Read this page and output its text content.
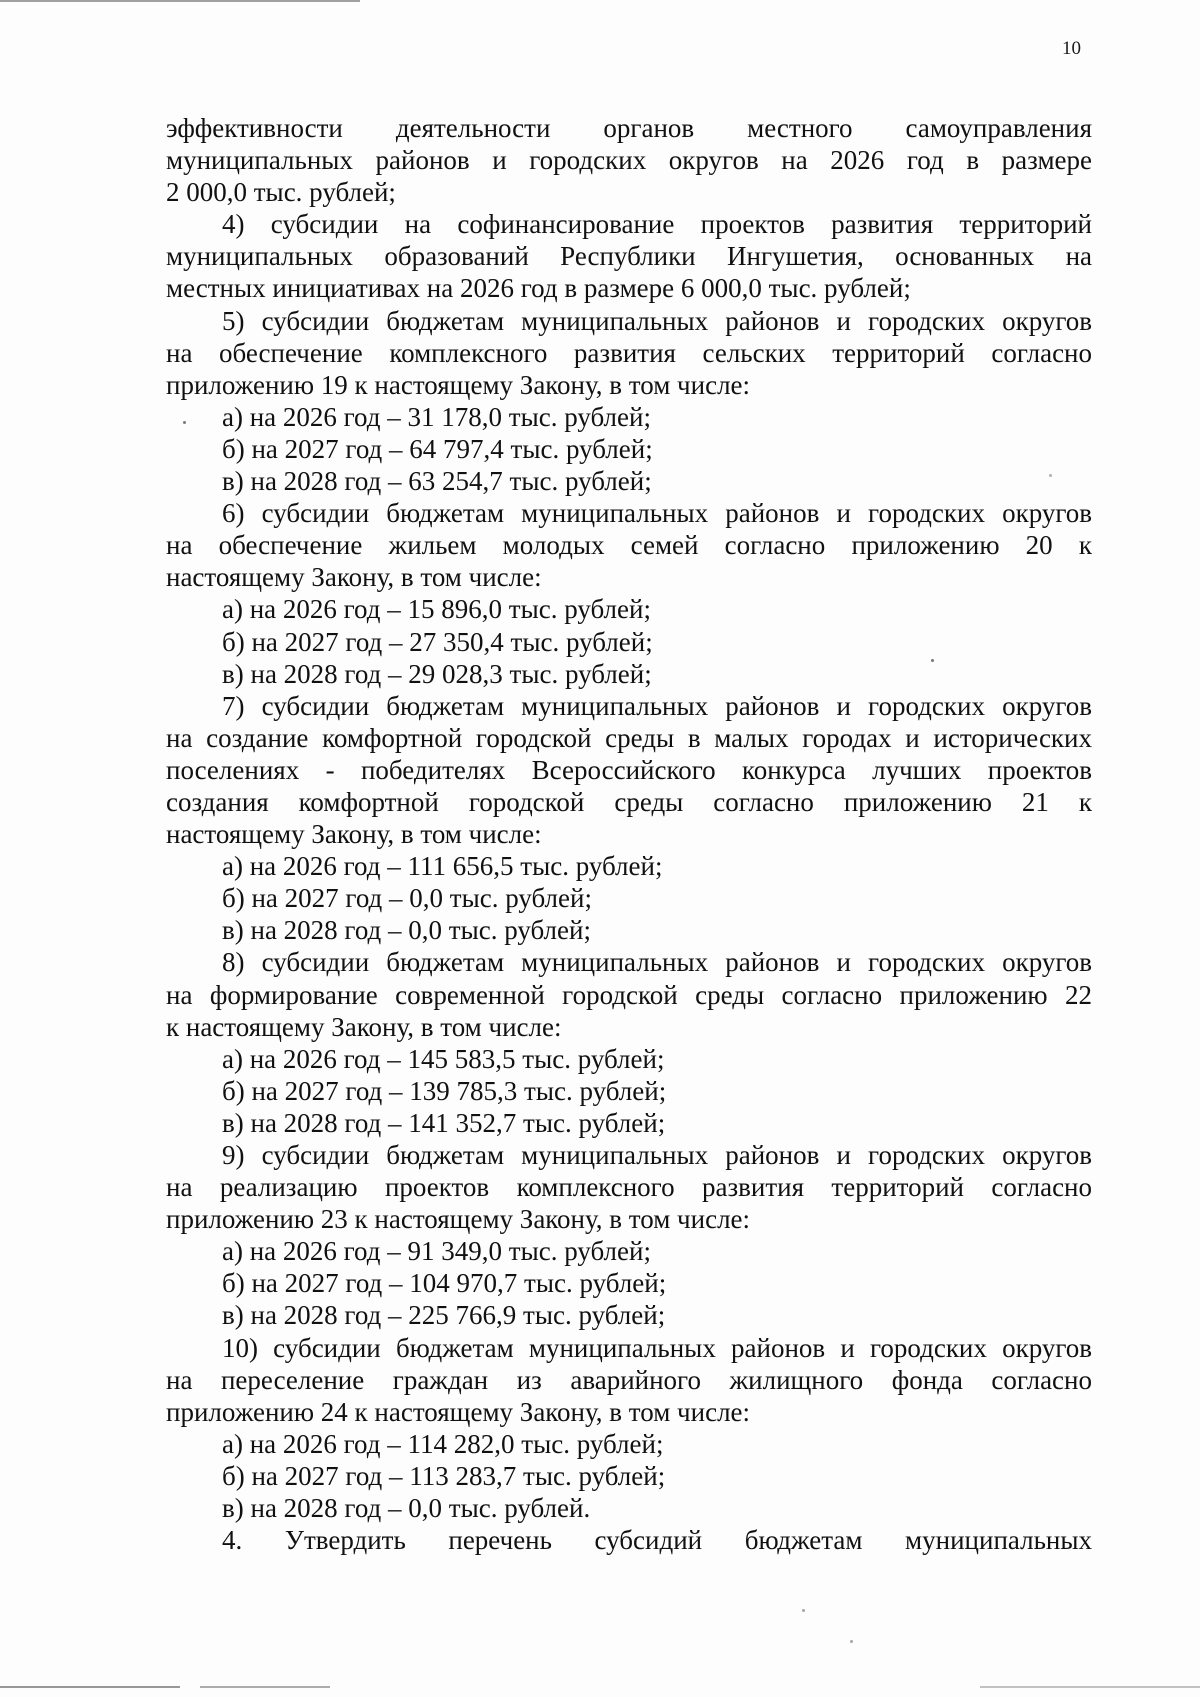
10
эффективности деятельности органов местного самоуправления
муниципальных районов и городских округов на 2026 год в размере
2 000,0 тыс. рублей;
4) субсидии на софинансирование проектов развития территорий
муниципальных образований Республики Ингушетия, основанных на
местных инициативах на 2026 год в размере 6 000,0 тыс. рублей;
5) субсидии бюджетам муниципальных районов и городских округов
на обеспечение комплексного развития сельских территорий согласно
приложению 19 к настоящему Закону, в том числе:
а) на 2026 год – 31 178,0 тыс. рублей;
б) на 2027 год – 64 797,4 тыс. рублей;
в) на 2028 год – 63 254,7 тыс. рублей;
6) субсидии бюджетам муниципальных районов и городских округов
на обеспечение жильем молодых семей согласно приложению 20 к
настоящему Закону, в том числе:
а) на 2026 год – 15 896,0 тыс. рублей;
б) на 2027 год – 27 350,4 тыс. рублей;
в) на 2028 год – 29 028,3 тыс. рублей;
7) субсидии бюджетам муниципальных районов и городских округов
на создание комфортной городской среды в малых городах и исторических
поселениях - победителях Всероссийского конкурса лучших проектов
создания комфортной городской среды согласно приложению 21 к
настоящему Закону, в том числе:
а) на 2026 год – 111 656,5 тыс. рублей;
б) на 2027 год – 0,0 тыс. рублей;
в) на 2028 год – 0,0 тыс. рублей;
8) субсидии бюджетам муниципальных районов и городских округов
на формирование современной городской среды согласно приложению 22
к настоящему Закону, в том числе:
а) на 2026 год – 145 583,5 тыс. рублей;
б) на 2027 год – 139 785,3 тыс. рублей;
в) на 2028 год – 141 352,7 тыс. рублей;
9) субсидии бюджетам муниципальных районов и городских округов
на реализацию проектов комплексного развития территорий согласно
приложению 23 к настоящему Закону, в том числе:
а) на 2026 год – 91 349,0 тыс. рублей;
б) на 2027 год – 104 970,7 тыс. рублей;
в) на 2028 год – 225 766,9 тыс. рублей;
10) субсидии бюджетам муниципальных районов и городских округов
на переселение граждан из аварийного жилищного фонда согласно
приложению 24 к настоящему Закону, в том числе:
а) на 2026 год – 114 282,0 тыс. рублей;
б) на 2027 год – 113 283,7 тыс. рублей;
в) на 2028 год – 0,0 тыс. рублей.
4. Утвердить перечень субсидий бюджетам муниципальных
